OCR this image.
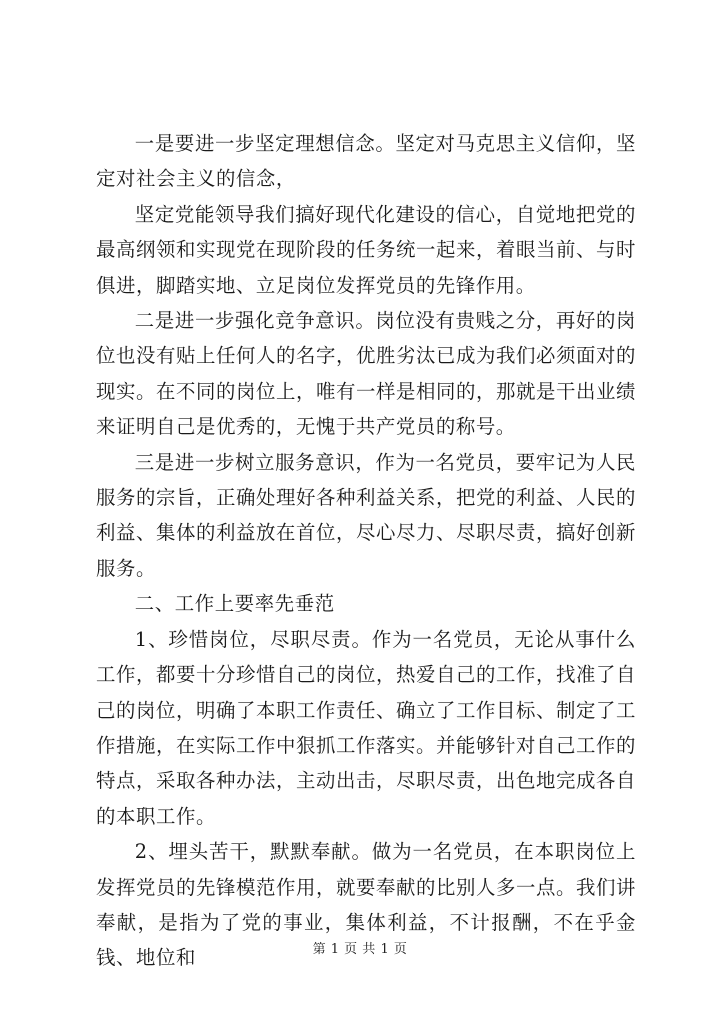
一是要进一步坚定理想信念。坚定对马克思主义信仰，坚定对社会主义的信念，

坚定党能领导我们搞好现代化建设的信心，自觉地把党的最高纲领和实现党在现阶段的任务统一起来，着眼当前、与时俱进，脚踏实地、立足岗位发挥党员的先锋作用。

二是进一步强化竞争意识。岗位没有贵贱之分，再好的岗位也没有贴上任何人的名字，优胜劣汰已成为我们必须面对的现实。在不同的岗位上，唯有一样是相同的，那就是干出业绩来证明自己是优秀的，无愧于共产党员的称号。

三是进一步树立服务意识，作为一名党员，要牢记为人民服务的宗旨，正确处理好各种利益关系，把党的利益、人民的利益、集体的利益放在首位，尽心尽力、尽职尽责，搞好创新服务。

二、工作上要率先垂范

1、珍惜岗位，尽职尽责。作为一名党员，无论从事什么工作，都要十分珍惜自己的岗位，热爱自己的工作，找准了自己的岗位，明确了本职工作责任、确立了工作目标、制定了工作措施，在实际工作中狠抓工作落实。并能够针对自己工作的特点，采取各种办法，主动出击，尽职尽责，出色地完成各自的本职工作。

2、埋头苦干，默默奉献。做为一名党员，在本职岗位上发挥党员的先锋模范作用，就要奉献的比别人多一点。我们讲奉献，是指为了党的事业，集体利益，不计报酬，不在乎金钱、地位和	第 1 页 共 1 页
